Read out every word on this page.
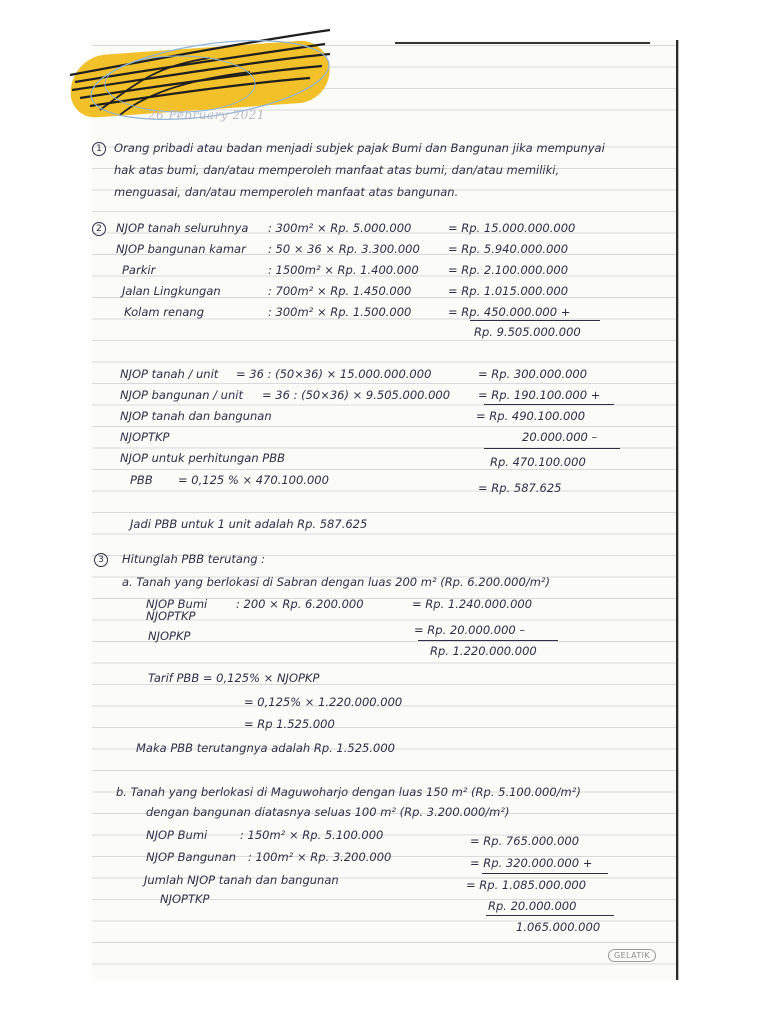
26 February 2021
1	Orang pribadi atau badan menjadi subjek pajak Bumi dan Bangunan jika mempunyai
hak atas bumi, dan/atau memperoleh manfaat atas bumi, dan/atau memiliki,
menguasai, dan/atau memperoleh manfaat atas bangunan.
2	NJOP tanah seluruhnya : 300m² × Rp. 5.000.000	= Rp. 15.000.000.000
NJOP bangunan kamar : 50 × 36 × Rp. 3.300.000 = Rp. 5.940.000.000
Parkir	: 1500m² × Rp. 1.400.000	= Rp. 2.100.000.000
Jalan Lingkungan	: 700m² × Rp. 1.450.000	= Rp. 1.015.000.000
Kolam renang	: 300m² × Rp. 1.500.000	= Rp. 450.000.000 +
Rp. 9.505.000.000
NJOP tanah / unit = 36 : (50×36) × 15.000.000.000	= Rp. 300.000.000
NJOP bangunan / unit = 36 : (50×36) × 9.505.000.000 = Rp. 190.100.000 +
NJOP tanah dan bangunan	= Rp. 490.100.000
NJOPTKP	20.000.000 –
NJOP untuk perhitungan PBB	Rp. 470.100.000
PBB = 0,125 % × 470.100.000
= Rp. 587.625
Jadi PBB untuk 1 unit adalah Rp. 587.625
3	Hitunglah PBB terutang :
a. Tanah yang berlokasi di Sabran dengan luas 200 m² (Rp. 6.200.000/m²)
NJOP Bumi	: 200 × Rp. 6.200.000	= Rp. 1.240.000.000
NJOPTKP
= Rp. 20.000.000 –
NJOPKP
Rp. 1.220.000.000
Tarif PBB = 0,125% × NJOPKP
= 0,125% × 1.220.000.000
= Rp 1.525.000
Maka PBB terutangnya adalah Rp. 1.525.000
b. Tanah yang berlokasi di Maguwoharjo dengan luas 150 m² (Rp. 5.100.000/m²)
dengan bangunan diatasnya seluas 100 m² (Rp. 3.200.000/m²)
NJOP Bumi	: 150m² × Rp. 5.100.000	= Rp. 765.000.000
NJOP Bangunan : 100m² × Rp. 3.200.000	= Rp. 320.000.000 +
Jumlah NJOP tanah dan bangunan	= Rp. 1.085.000.000
NJOPTKP	Rp. 20.000.000
1.065.000.000
GELATIK
